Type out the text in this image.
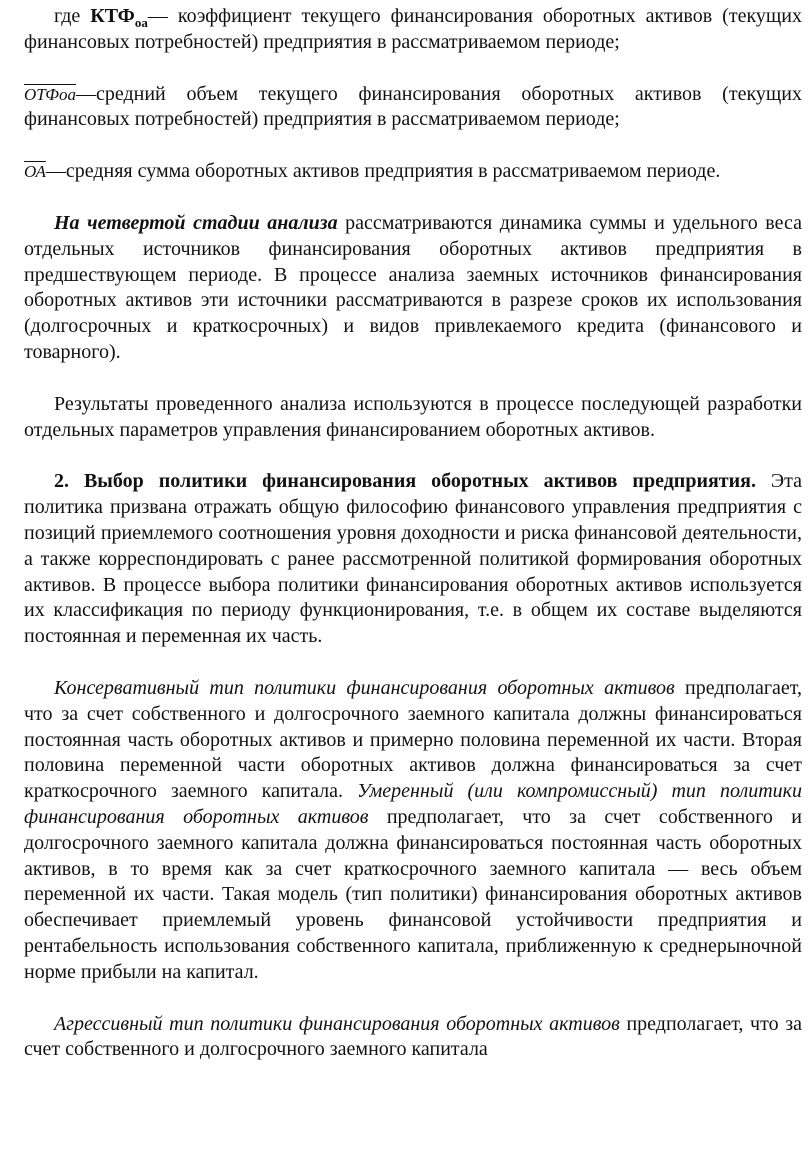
где $КТФ_{оа}—$ коэффициент текущего финансирования оборотных активов (текущих финансовых потребностей) предприятия в рассматриваемом периоде;

ОТФоа—средний объем текущего финансирования оборотных активов (текущих финансовых потребностей) предприятия в рассматриваемом периоде;

ОА—средняя сумма оборотных активов предприятия в рассматриваемом периоде.

На четвертой стадии анализа рассматриваются динамика суммы и удельного веса отдельных источников финансирования оборотных активов предприятия в предшествующем периоде. В процессе анализа заемных источников финансирования оборотных активов эти источники рассматриваются в разрезе сроков их использования (долгосрочных и краткосрочных) и видов привлекаемого кредита (финансового и товарного).

Результаты проведенного анализа используются в процессе последующей разработки отдельных параметров управления финансированием оборотных активов.

2. Выбор политики финансирования оборотных активов предприятия. Эта политика призвана отражать общую философию финансового управления предприятия с позиций приемлемого соотношения уровня доходности и риска финансовой деятельности, а также корреспондировать с ранее рассмотренной политикой формирования оборотных активов. В процессе выбора политики финансирования оборотных активов используется их классификация по периоду функционирования, т.е. в общем их составе выделяются постоянная и переменная их часть.

Консервативный тип политики финансирования оборотных активов предполагает, что за счет собственного и долгосрочного заемного капитала должны финансироваться постоянная часть оборотных активов и примерно половина переменной их части. Вторая половина переменной части оборотных активов должна финансироваться за счет краткосрочного заемного капитала. Умеренный (или компромиссный) тип политики финансирования оборотных активов предполагает, что за счет собственного и долгосрочного заемного капитала должна финансироваться постоянная часть оборотных активов, в то время как за счет краткосрочного заемного капитала — весь объем переменной их части. Такая модель (тип политики) финансирования оборотных активов обеспечивает приемлемый уровень финансовой устойчивости предприятия и рентабельность использования собственного капитала, приближенную к среднерыночной норме прибыли на капитал.

Агрессивный тип политики финансирования оборотных активов предполагает, что за счет собственного и долгосрочного заемного капитала
